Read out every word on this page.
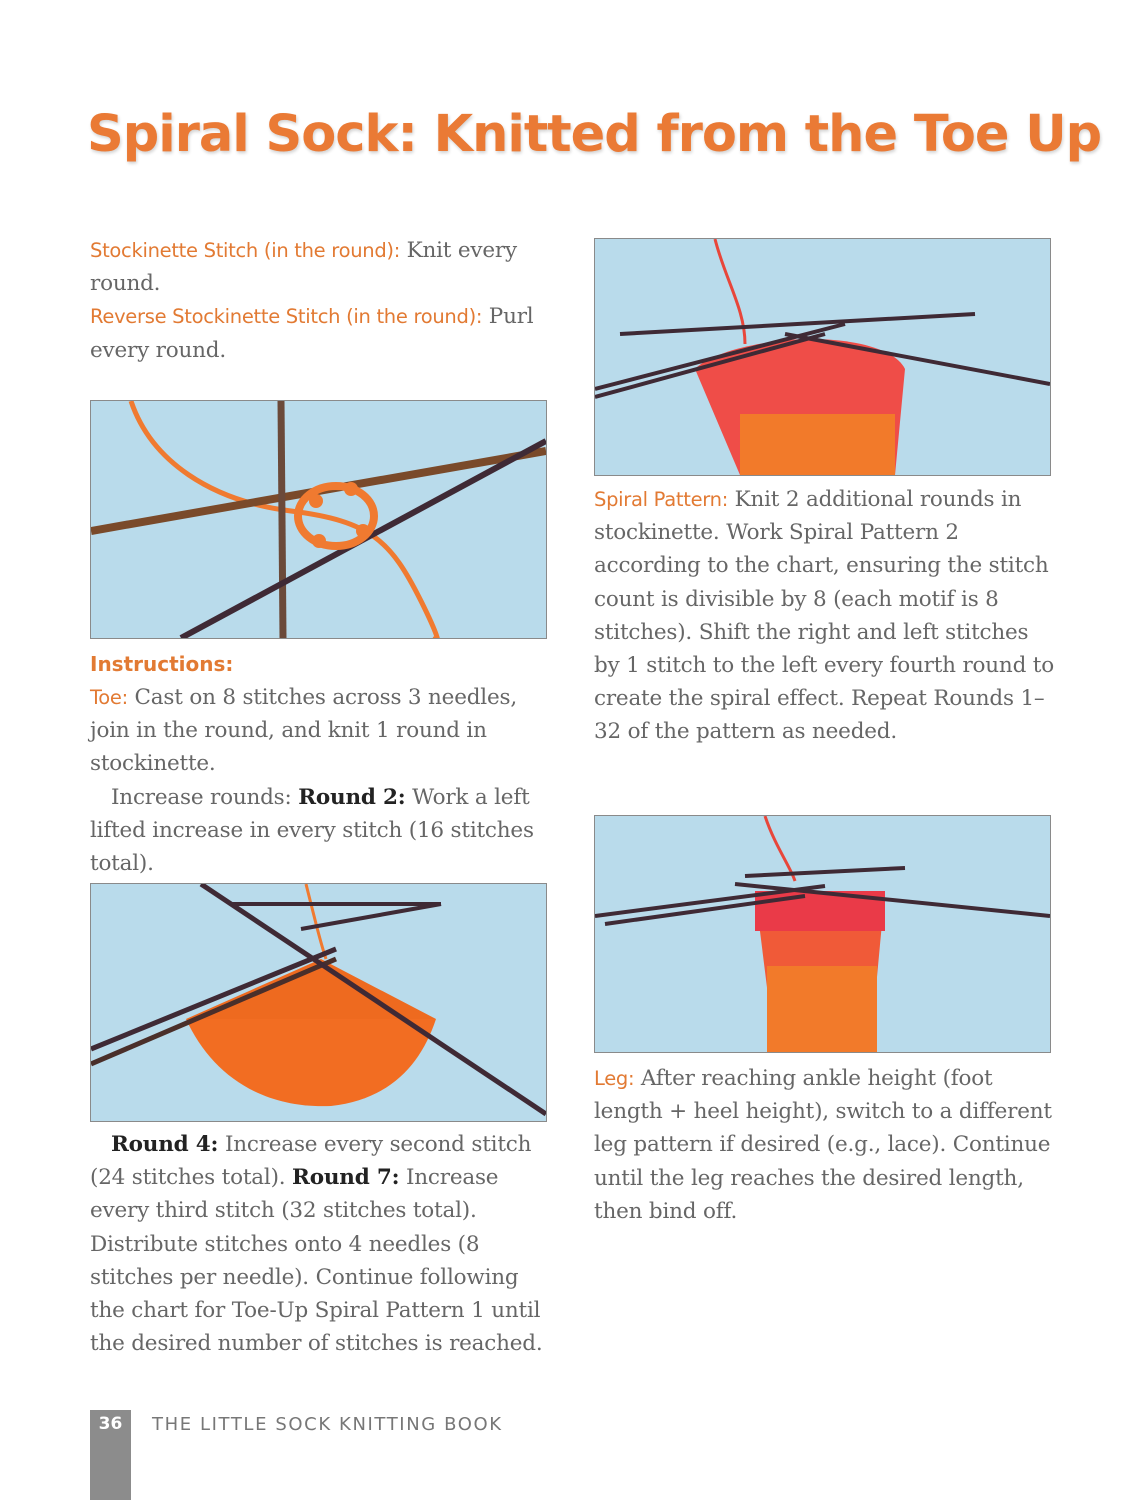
Spiral Sock: Knitted from the Toe Up

Stockinette Stitch (in the round): Knit every round.

Reverse Stockinette Stitch (in the round): Purl every round.

Instructions:

Toe: Cast on 8 stitches across 3 needles, join in the round, and knit 1 round in stockinette.

Increase rounds: Round 2: Work a left lifted increase in every stitch (16 stitches total).

Round 4: Increase every second stitch (24 stitches total). Round 7: Increase every third stitch (32 stitches total). Distribute stitches onto 4 needles (8 stitches per needle). Continue following the chart for Toe-Up Spiral Pattern 1 until the desired number of stitches is reached.

Spiral Pattern: Knit 2 additional rounds in stockinette. Work Spiral Pattern 2 according to the chart, ensuring the stitch count is divisible by 8 (each motif is 8 stitches). Shift the right and left stitches by 1 stitch to the left every fourth round to create the spiral effect. Repeat Rounds 1–32 of the pattern as needed.

Leg: After reaching ankle height (foot length + heel height), switch to a different leg pattern if desired (e.g., lace). Continue until the leg reaches the desired length, then bind off.

36	THE LITTLE SOCK KNITTING BOOK
